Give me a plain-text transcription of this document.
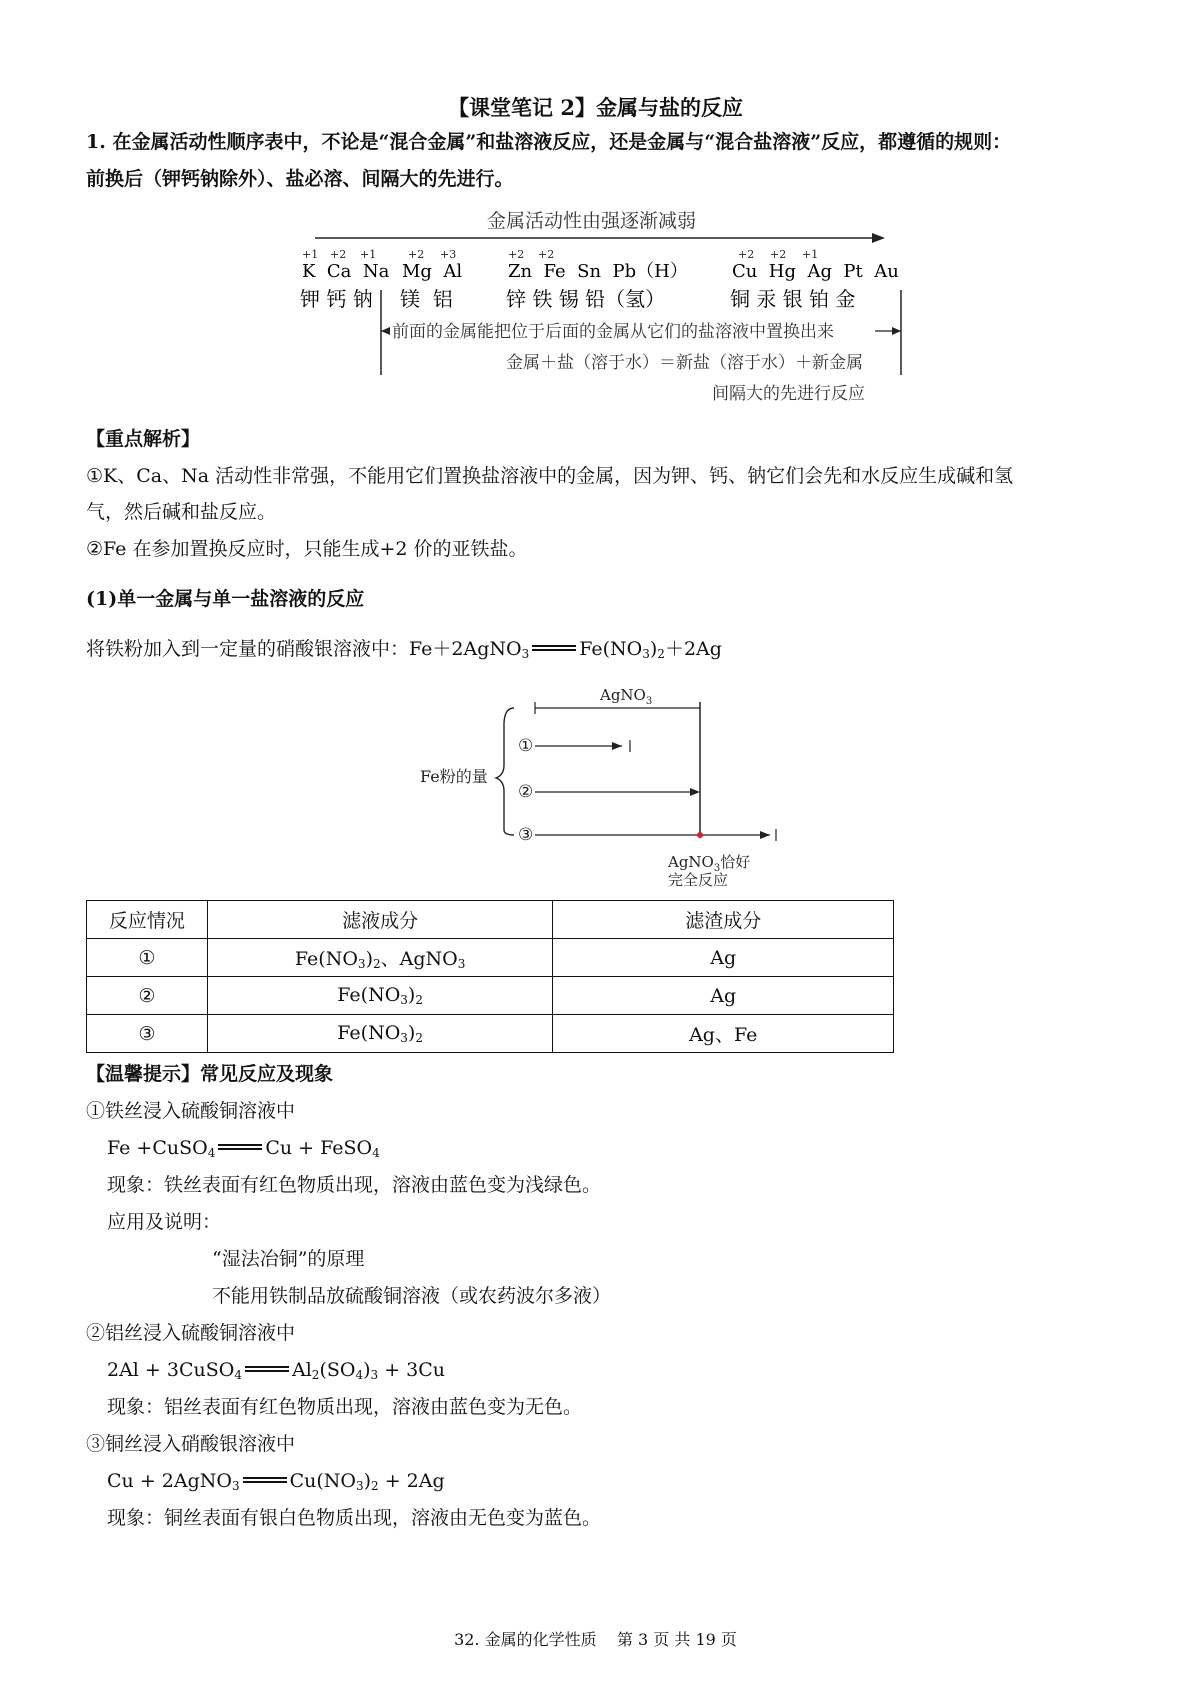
【课堂笔记 2】金属与盐的反应
1. 在金属活动性顺序表中，不论是“混合金属”和盐溶液反应，还是金属与“混合盐溶液”反应，都遵循的规则：
前换后（钾钙钠除外）、盐必溶、间隔大的先进行。
金属活动性由强逐渐减弱
+1 +2 +1	+2 +3	+2 +2	+2 +2 +1
K  Ca  Na Mg  Al	Zn  Fe  Sn  Pb（H） Cu  Hg  Ag  Pt  Au
钾 钙 钠 镁  铝	锌 铁 锡 铅（氢）	铜 汞 银 铂 金
前面的金属能把位于后面的金属从它们的盐溶液中置换出来
金属＋盐（溶于水）＝新盐（溶于水）＋新金属
间隔大的先进行反应
【重点解析】
①K、Ca、Na 活动性非常强，不能用它们置换盐溶液中的金属，因为钾、钙、钠它们会先和水反应生成碱和氢
气，然后碱和盐反应。
②Fe 在参加置换反应时，只能生成+2 价的亚铁盐。
(1)单一金属与单一盐溶液的反应
将铁粉加入到一定量的硝酸银溶液中：Fe＋2AgNO$_3$	$Fe(NO_3)_2+2Ag$
AgNO$_3$
Fe粉的量
①
②
③
AgNO$_3$恰好
完全反应
反应情况	滤液成分	滤渣成分
①	$Fe(NO_3)_2$、AgNO$_3$	Ag
②	$Fe(NO_3)_2$	Ag
③	$Fe(NO_3)_2$	Ag、Fe
【温馨提示】常见反应及现象
①铁丝浸入硫酸铜溶液中
Fe +CuSO$_4$	Cu + FeSO$_4$
现象：铁丝表面有红色物质出现，溶液由蓝色变为浅绿色。
应用及说明：
“湿法冶铜”的原理
不能用铁制品放硫酸铜溶液（或农药波尔多液）
②铝丝浸入硫酸铜溶液中
2Al + 3CuSO$_4$	$Al_2(SO_4)_3 + 3Cu$
现象：铝丝表面有红色物质出现，溶液由蓝色变为无色。
③铜丝浸入硝酸银溶液中
Cu + 2AgNO$_3$	$Cu(NO_3)_2 + 2Ag$
现象：铜丝表面有银白色物质出现，溶液由无色变为蓝色。
32. 金属的化学性质    第 3 页 共 19 页
